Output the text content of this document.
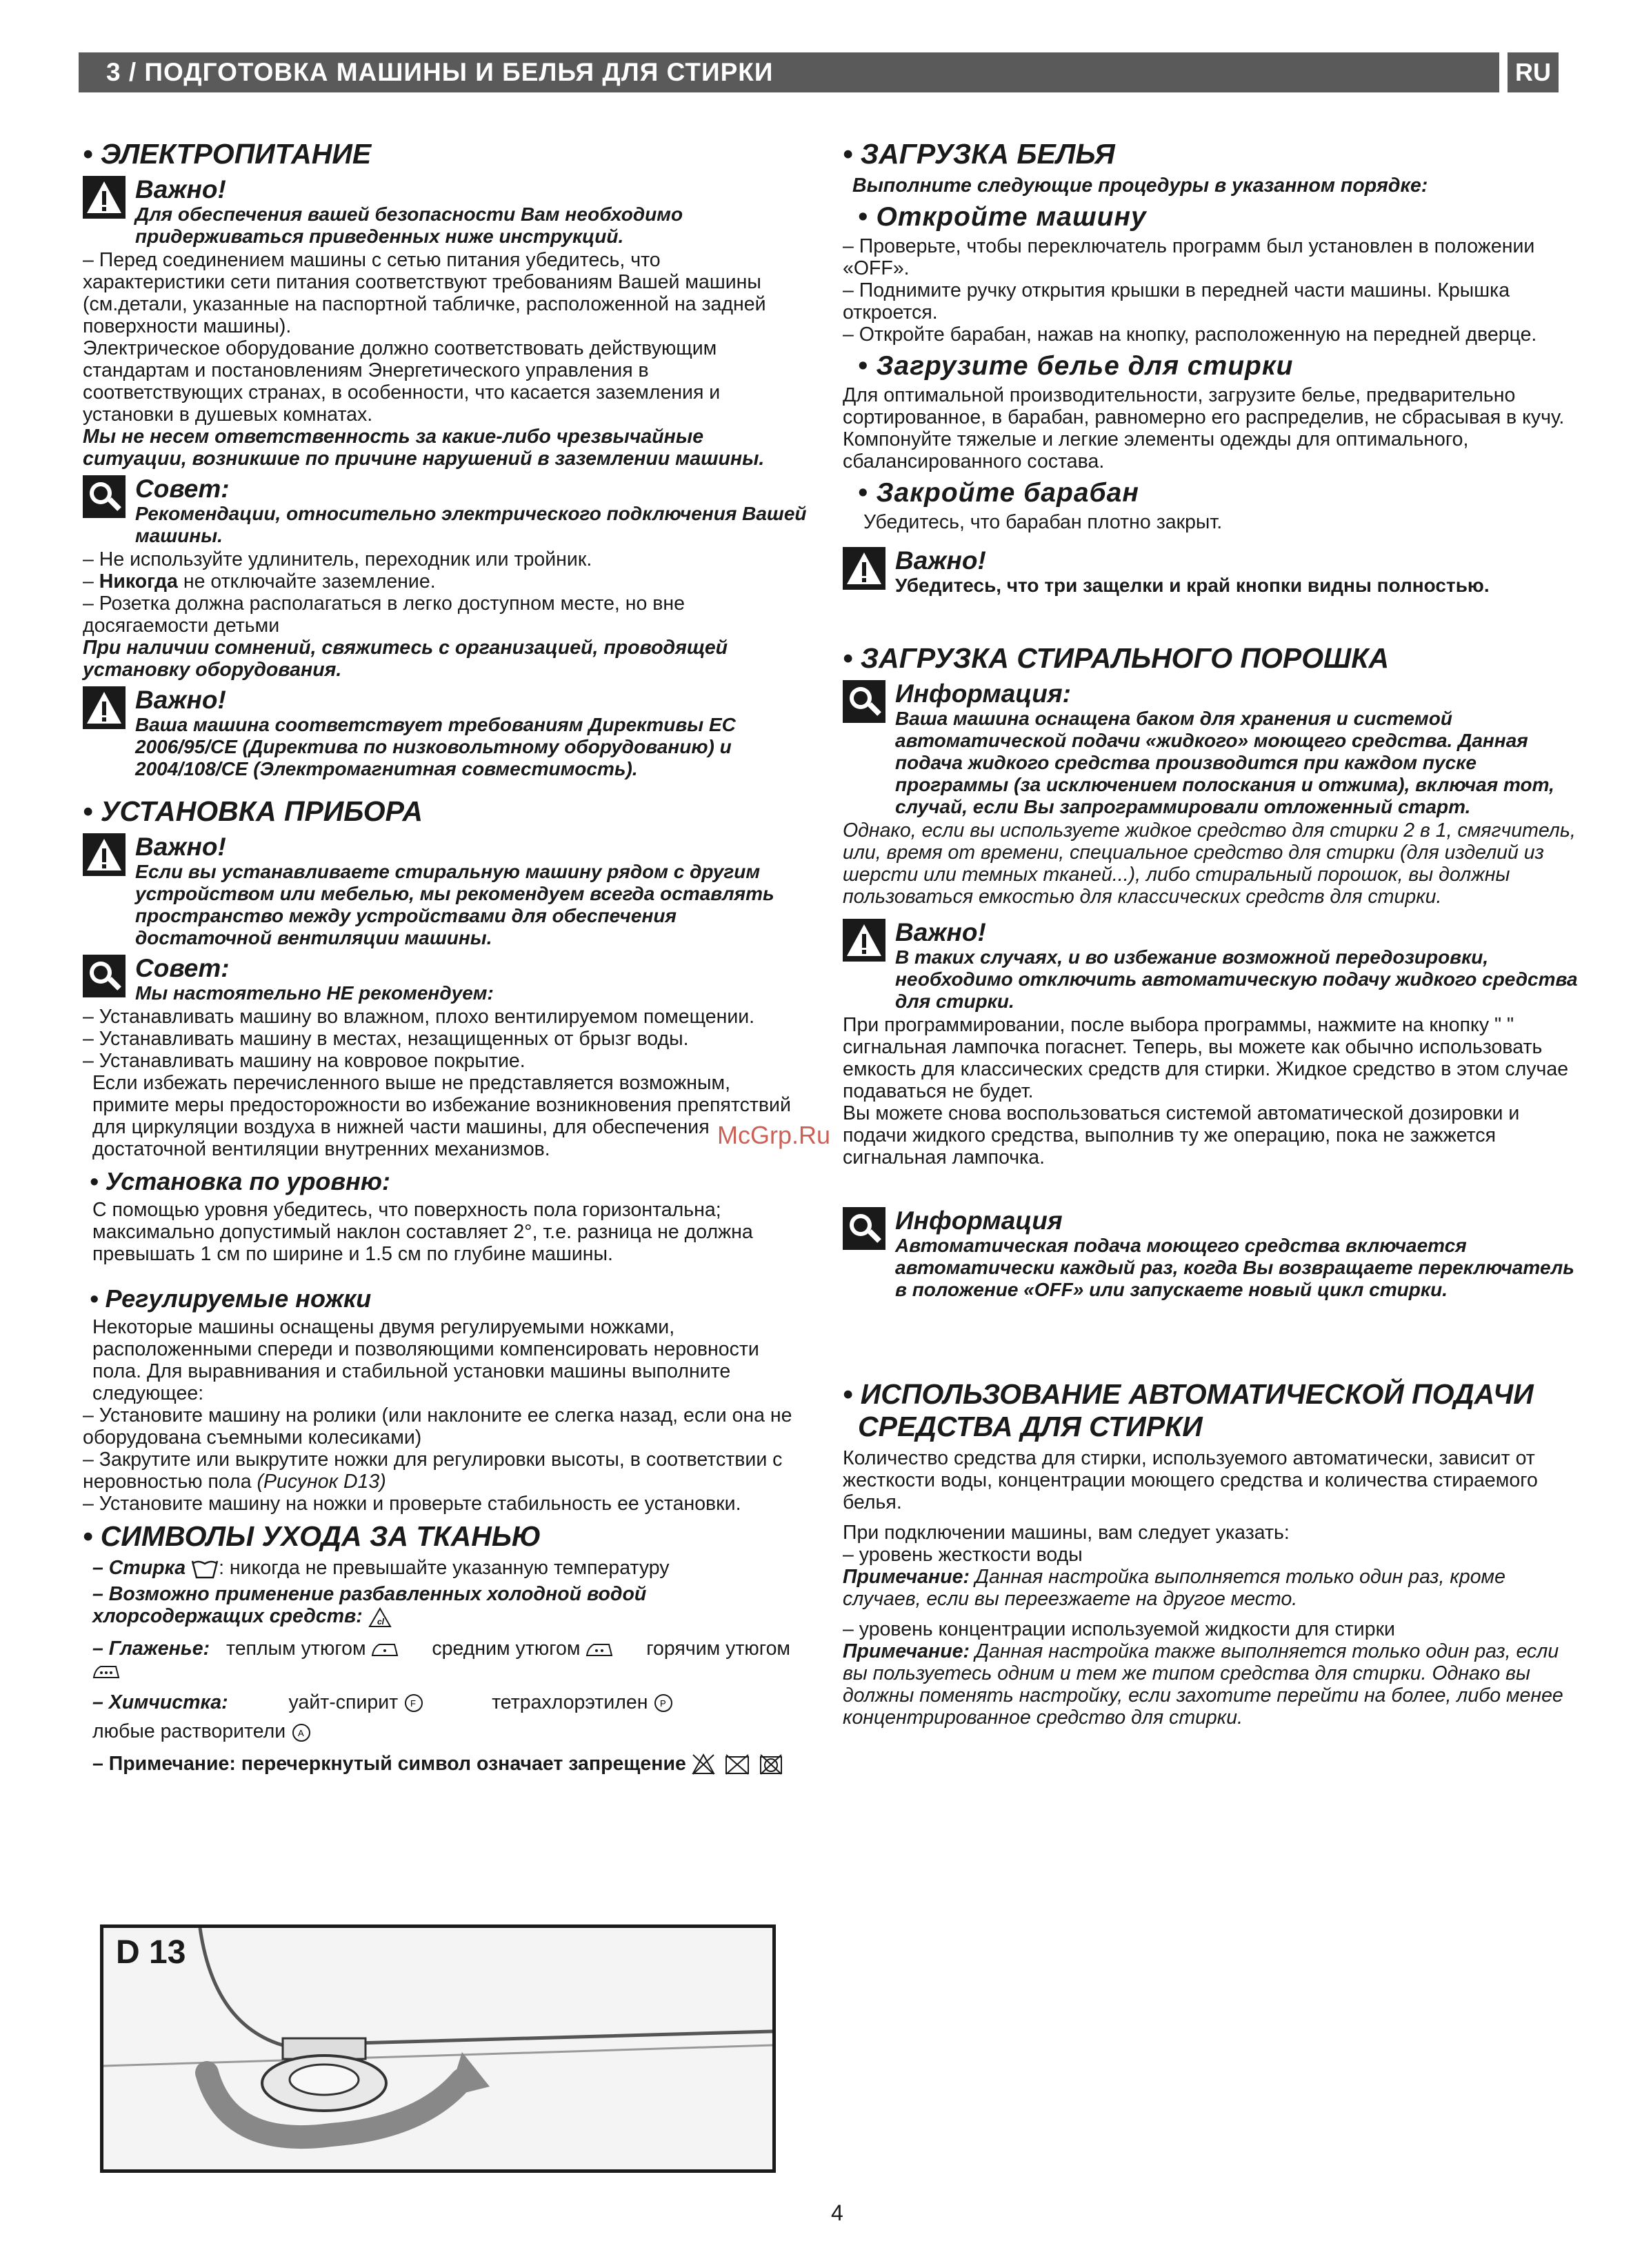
3 / ПОДГОТОВКА МАШИНЫ И БЕЛЬЯ ДЛЯ СТИРКИ	RU
• ЭЛЕКТРОПИТАНИЕ
Важно!
Для обеспечения вашей безопасности Вам необходимо придерживаться приведенных ниже инструкций.

– Перед соединением машины с сетью питания убедитесь, что характеристики сети питания соответствуют требованиям Вашей машины (см.детали, указанные на паспортной табличке, расположенной на задней поверхности машины).

Электрическое оборудование должно соответствовать действующим стандартам и постановлениям Энергетического управления в соответствующих странах, в особенности, что касается заземления и установки в душевых комнатах.

Мы не несем ответственность за какие-либо чрезвычайные ситуации, возникшие по причине нарушений в заземлении машины.

Совет:
Рекомендации, относительно электрического подключения Вашей машины.

– Не используйте удлинитель, переходник или тройник.

– Никогда не отключайте заземление.

– Розетка должна располагаться в легко доступном месте, но вне досягаемости детьми

При наличии сомнений, свяжитесь с организацией, проводящей установку оборудования.

Важно!
Ваша машина соответствует требованиям Директивы ЕС 2006/95/СЕ (Директива по низковольтному оборудованию) и 2004/108/СЕ (Электромагнитная совместимость).
• УСТАНОВКА ПРИБОРА
Важно!
Если вы устанавливаете стиральную машину рядом с другим устройством или мебелью, мы рекомендуем всегда оставлять пространство между устройствами для обеспечения достаточной вентиляции машины.
Совет:
Мы настоятельно НЕ рекомендуем:

– Устанавливать машину во влажном, плохо вентилируемом помещении.

– Устанавливать машину в местах, незащищенных от брызг воды.

– Устанавливать машину на ковровое покрытие.

Если избежать перечисленного выше не представляется возможным, примите меры предосторожности во избежание возникновения препятствий для циркуляции воздуха в нижней части машины, для обеспечения достаточной вентиляции внутренних механизмов.

• Установка по уровню:

С помощью уровня убедитесь, что поверхность пола горизонтальна; максимально допустимый наклон составляет 2°, т.е. разница не должна превышать 1 см по ширине и 1.5 см по глубине машины.

• Регулируемые ножки

Некоторые машины оснащены двумя регулируемыми ножками, расположенными спереди и позволяющими компенсировать неровности пола. Для выравнивания и стабильной установки машины выполните следующее:

– Установите машину на ролики (или наклоните ее слегка назад, если она не оборудована съемными колесиками)

– Закрутите или выкрутите ножки для регулировки высоты, в соответствии с неровностью пола (Рисунок D13)

– Установите машину на ножки и проверьте стабильность ее установки.

• СИМВОЛЫ УХОДА ЗА ТКАНЬЮ

– Стирка : никогда не превышайте указанную температуру

– Возможно применение разбавленных холодной водой хлорсодержащих средств: cl

– Глаженье: теплым утюгом	средним утюгом	горячим утюгом

– Химчистка:	уайт-спирит F	тетрахлорэтилен P

любые растворители A

– Примечание: перечеркнутый символ означает запрещение

D 13
• ЗАГРУЗКА БЕЛЬЯ

Выполните следующие процедуры в указанном порядке:

• Откройте машину

– Проверьте, чтобы переключатель программ был установлен в положении «OFF».

– Поднимите ручку открытия крышки в передней части машины. Крышка откроется.

– Откройте барабан, нажав на кнопку, расположенную на передней дверце.

• Загрузите белье для стирки

Для оптимальной производительности, загрузите белье, предварительно сортированное, в барабан, равномерно его распределив, не сбрасывая в кучу. Компонуйте тяжелые и легкие элементы одежды для оптимального, сбалансированного состава.

• Закройте барабан

Убедитесь, что барабан плотно закрыт.

Важно!
Убедитесь, что три защелки и край кнопки видны полностью.
• ЗАГРУЗКА СТИРАЛЬНОГО ПОРОШКА
Информация:
Ваша машина оснащена баком для хранения и системой автоматической подачи «жидкого» моющего средства. Данная подача жидкого средства производится при каждом пуске программы (за исключением полоскания и отжима), включая тот, случай, если Вы запрограммировали отложенный старт.

Однако, если вы используете жидкое средство для стирки 2 в 1, смягчитель, или, время от времени, специальное средство для стирки (для изделий из шерсти или темных тканей...), либо стиральный порошок, вы должны пользоваться емкостью для классических средств для стирки.

Важно!
В таких случаях, и во избежание возможной передозировки, необходимо отключить автоматическую подачу жидкого средства для стирки.

При программировании, после выбора программы, нажмите на кнопку " " сигнальная лампочка погаснет. Теперь, вы можете как обычно использовать емкость для классических средств для стирки. Жидкое средство в этом случае подаваться не будет.

Вы можете снова воспользоваться системой автоматической дозировки и подачи жидкого средства, выполнив ту же операцию, пока не зажжется сигнальная лампочка.

Информация
Автоматическая подача моющего средства включается автоматически каждый раз, когда Вы возвращаете переключатель в положение «OFF» или запускаете новый цикл стирки.
• ИСПОЛЬЗОВАНИЕ АВТОМАТИЧЕСКОЙ ПОДАЧИ
СРЕДСТВА ДЛЯ СТИРКИ

Количество средства для стирки, используемого автоматически, зависит от жесткости воды, концентрации моющего средства и количества стираемого белья.

При подключении машины, вам следует указать:

– уровень жесткости воды

Примечание: Данная настройка выполняется только один раз, кроме случаев, если вы переезжаете на другое место.

– уровень концентрации используемой жидкости для стирки

Примечание: Данная настройка также выполняется только один раз, если вы пользуетесь одним и тем же типом средства для стирки. Однако вы должны поменять настройку, если захотите перейти на более, либо менее концентрированное средство для стирки.

McGrp.Ru
4
